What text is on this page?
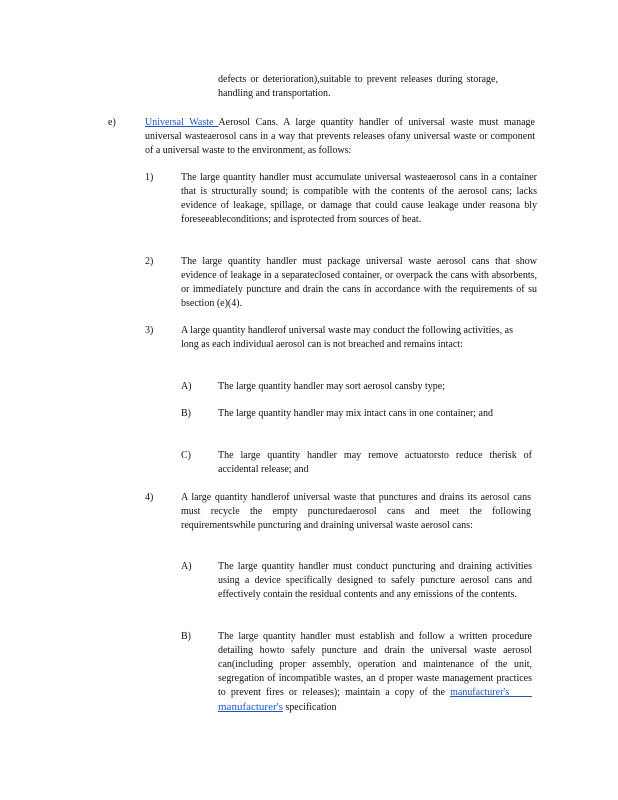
defects or deterioration),suitable to prevent releases during storage, handling and transportation.
e)	Universal Waste Aerosol Cans. A large quantity handler of universal waste must manage universal wasteaerosol cans in a way that prevents releases ofany universal waste or component of a universal waste to the environment, as follows:
1)	The large quantity handler must accumulate universal wasteaerosol cans in a container that is structurally sound; is compatible with the contents of the aerosol cans; lacks evidence of leakage, spillage, or damage that could cause leakage under reasona bly foreseeableconditions; and isprotected from sources of heat.
2)	The large quantity handler must package universal waste aerosol cans that show evidence of leakage in a separateclosed container, or overpack the cans with absorbents, or immediately puncture and drain the cans in accordance with the requirements of su bsection (e)(4).
3)	A large quantity handlerof universal waste may conduct the following activities, as long as each individual aerosol can is not breached and remains intact:
A)	The large quantity handler may sort aerosol cansby type;
B)	The large quantity handler may mix intact cans in one container; and
C)	The large quantity handler may remove actuatorsto reduce therisk of accidental release; and
4)	A large quantity handlerof universal waste that punctures and drains its aerosol cans must recycle the empty puncturedaerosol cans and meet the following requirementswhile puncturing and draining universal waste aerosol cans:
A)	The large quantity handler must conduct puncturing and draining activities using a device specifically designed to safely puncture aerosol cans and effectively contain the residual contents and any emissions of the contents.
B)	The large quantity handler must establish and follow a written procedure detailing howto safely puncture and drain the universal waste aerosol can(including proper assembly, operation and maintenance of the unit, segregation of incompatible wastes, an d proper waste management practices to prevent fires or releases); maintain a copy of the manufacturer's      manufacturer's specification
